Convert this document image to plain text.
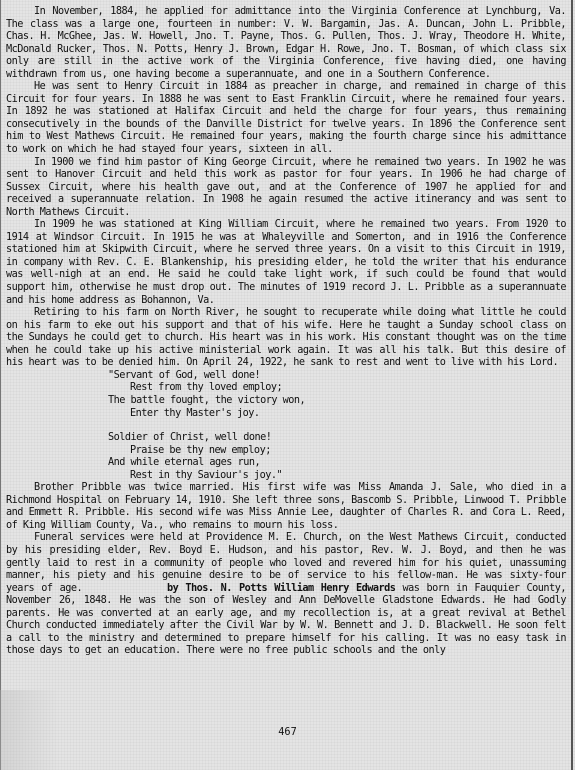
In November, 1884, he applied for admittance into the Virginia Conference at Lynchburg, Va. The class was a large one, fourteen in number: V. W. Bargamin, Jas. A. Duncan, John L. Pribble, Chas. H. McGhee, Jas. W. Howell, Jno. T. Payne, Thos. G. Pullen, Thos. J. Wray, Theodore H. White, McDonald Rucker, Thos. N. Potts, Henry J. Brown, Edgar H. Rowe, Jno. T. Bosman, of which class six only are still in the active work of the Virginia Conference, five having died, one having withdrawn from us, one having become a superannuate, and one in a Southern Conference.

He was sent to Henry Circuit in 1884 as preacher in charge, and remained in charge of this Circuit for four years. In 1888 he was sent to East Franklin Circuit, where he remained four years. In 1892 he was stationed at Halifax Circuit and held the charge for four years, thus remaining consecutively in the bounds of the Danville District for twelve years. In 1896 the Conference sent him to West Mathews Circuit. He remained four years, making the fourth charge since his admittance to work on which he had stayed four years, sixteen in all.

In 1900 we find him pastor of King George Circuit, where he remained two years. In 1902 he was sent to Hanover Circuit and held this work as pastor for four years. In 1906 he had charge of Sussex Circuit, where his health gave out, and at the Conference of 1907 he applied for and received a superannuate relation. In 1908 he again resumed the active itinerancy and was sent to North Mathews Circuit.

In 1909 he was stationed at King William Circuit, where he remained two years. From 1920 to 1914 at Windsor Circuit. In 1915 he was at Whaleyville and Somerton, and in 1916 the Conference stationed him at Skipwith Circuit, where he served three years. On a visit to this Circuit in 1919, in company with Rev. C. E. Blankenship, his presiding elder, he told the writer that his endurance was well-nigh at an end. He said he could take light work, if such could be found that would support him, otherwise he must drop out. The minutes of 1919 record J. L. Pribble as a superannuate and his home address as Bohannon, Va.

Retiring to his farm on North River, he sought to recuperate while doing what little he could on his farm to eke out his support and that of his wife. Here he taught a Sunday school class on the Sundays he could get to church. His heart was in his work. His constant thought was on the time when he could take up his active ministerial work again. It was all his talk. But this desire of his heart was to be denied him. On April 24, 1922, he sank to rest and went to live with his Lord.

"Servant of God, well done!
Rest from thy loved employ;
The battle fought, the victory won,
Enter thy Master's joy.
Soldier of Christ, well done!
Praise be thy new employ;
And while eternal ages run,
Rest in thy Saviour's joy."

Brother Pribble was twice married. His first wife was Miss Amanda J. Sale, who died in a Richmond Hospital on February 14, 1910. She left three sons, Bascomb S. Pribble, Linwood T. Pribble and Emmett R. Pribble. His second wife was Miss Annie Lee, daughter of Charles R. and Cora L. Reed, of King William County, Va., who remains to mourn his loss.

Funeral services were held at Providence M. E. Church, on the West Mathews Circuit, conducted by his presiding elder, Rev. Boyd E. Hudson, and his pastor, Rev. W. J. Boyd, and then he was gently laid to rest in a community of people who loved and revered him for his quiet, unassuming manner, his piety and his genuine desire to be of service to his fellow-man. He was sixty-four years of age.	by Thos. N. Potts William Henry Edwards was born in Fauquier County, November 26, 1848. He was the son of Wesley and Ann DeMovelle Gladstone Edwards. He had Godly parents. He was converted at an early age, and my recollection is, at a great revival at Bethel Church conducted immediately after the Civil War by W. W. Bennett and J. D. Blackwell. He soon felt a call to the ministry and determined to prepare himself for his calling. It was no easy task in those days to get an education. There were no free public schools and the only

467
